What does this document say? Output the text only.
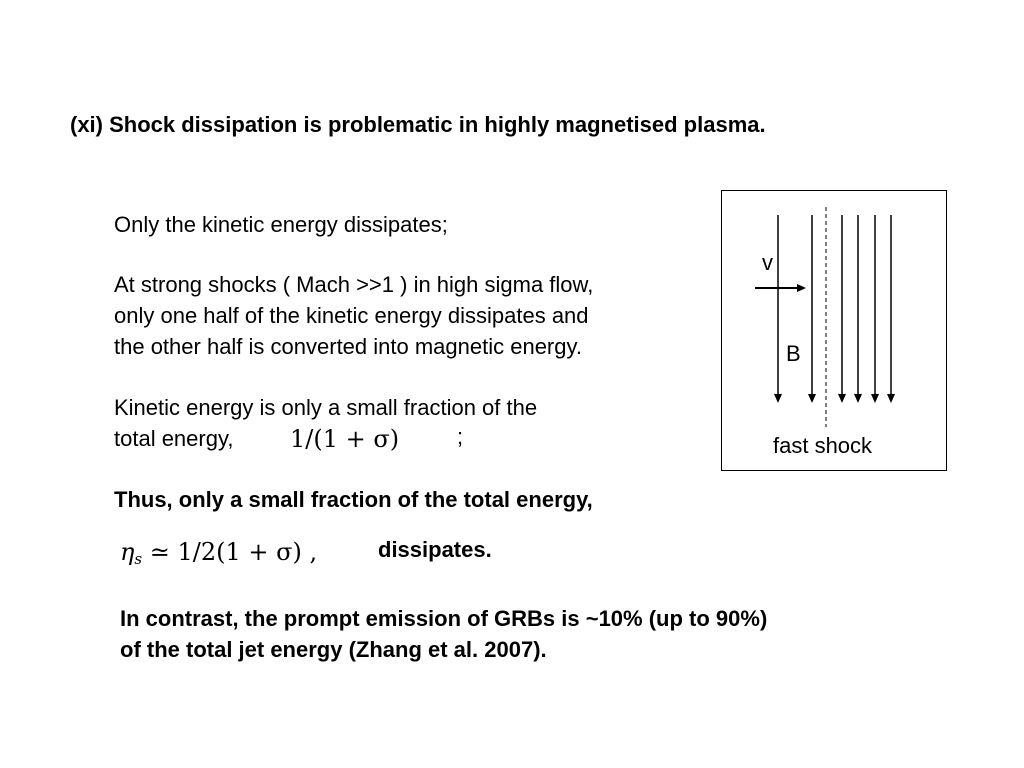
(xi) Shock dissipation is problematic in highly magnetised plasma.
Only the kinetic energy dissipates;
At strong shocks ( Mach >>1 ) in high sigma flow,
only one half of the kinetic energy dissipates and
the other half is converted into magnetic energy.
Kinetic energy is only a small fraction of the
total energy,	1/(1 + σ)	;
Thus, only a small fraction of the total energy,
$\eta_s$ ≃ 1/2(1 + σ) ,	dissipates.
In contrast, the prompt emission of GRBs is ~10% (up to 90%)
of the total jet energy (Zhang et al. 2007).
v
B
fast shock
